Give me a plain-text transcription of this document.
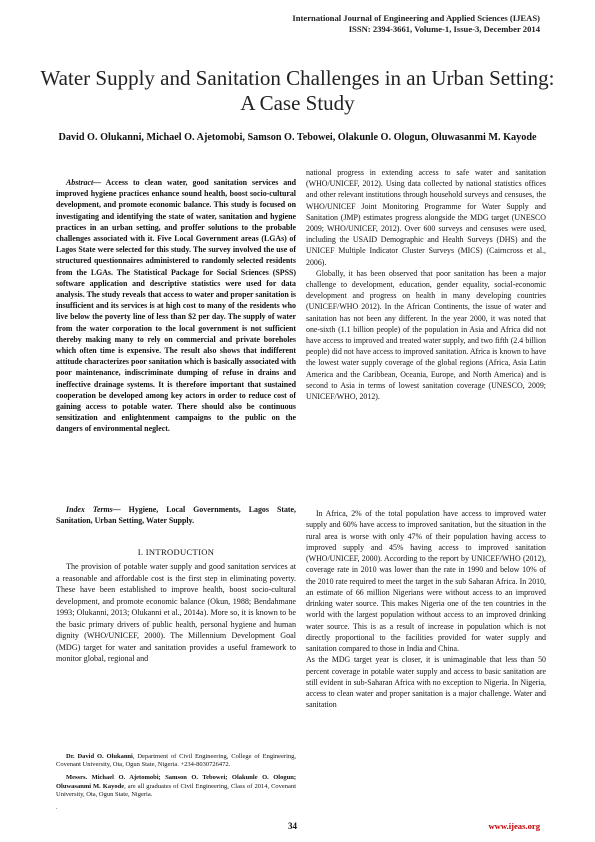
International Journal of Engineering and Applied Sciences (IJEAS)
ISSN: 2394-3661, Volume-1, Issue-3, December 2014
Water Supply and Sanitation Challenges in an Urban Setting: A Case Study
David O. Olukanni, Michael O. Ajetomobi, Samson O. Tebowei, Olakunle O. Ologun, Oluwasanmi M. Kayode

Abstract— Access to clean water, good sanitation services and improved hygiene practices enhance sound health, boost socio-cultural development, and promote economic balance. This study is focused on investigating and identifying the state of water, sanitation and hygiene practices in an urban setting, and proffer solutions to the probable challenges associated with it. Five Local Government areas (LGAs) of Lagos State were selected for this study. The survey involved the use of structured questionnaires administered to randomly selected residents from the LGAs. The Statistical Package for Social Sciences (SPSS) software application and descriptive statistics were used for data analysis. The study reveals that access to water and proper sanitation is insufficient and its services is at high cost to many of the residents who live below the poverty line of less than $2 per day. The supply of water from the water corporation to the local government is not sufficient thereby making many to rely on commercial and private boreholes which often time is expensive. The result also shows that indifferent attitude characterizes poor sanitation which is basically associated with poor maintenance, indiscriminate dumping of refuse in drains and ineffective drainage systems. It is therefore important that sustained cooperation be developed among key actors in order to reduce cost of gaining access to potable water. There should also be continuous sensitization and enlightenment campaigns to the public on the dangers of environmental neglect.

Index Terms— Hygiene, Local Governments, Lagos State, Sanitation, Urban Setting, Water Supply.

I. INTRODUCTION

The provision of potable water supply and good sanitation services at a reasonable and affordable cost is the first step in eliminating poverty. These have been established to improve health, boost socio-cultural development, and promote economic balance (Okun, 1988; Bendahmane 1993; Olukanni, 2013; Olukanni et al., 2014a). More so, it is known to be the basic primary drivers of public health, personal hygiene and human dignity (WHO/UNICEF, 2000). The Millennium Development Goal (MDG) target for water and sanitation provides a useful framework to monitor global, regional and

Dr. David O. Olukanni, Department of Civil Engineering, College of Engineering, Covenant University, Ota, Ogun State, Nigeria. +234-8030726472.

Messrs. Michael O. Ajetomobi; Samson O. Tebowei; Olakunle O. Ologun; Oluwasanmi M. Kayode, are all graduates of Civil Engineering, Class of 2014, Covenant University, Ota, Ogun State, Nigeria.

.

national progress in extending access to safe water and sanitation (WHO/UNICEF, 2012). Using data collected by national statistics offices and other relevant institutions through household surveys and censuses, the WHO/UNICEF Joint Monitoring Programme for Water Supply and Sanitation (JMP) estimates progress alongside the MDG target (UNESCO 2009; WHO/UNICEF, 2012). Over 600 surveys and censuses were used, including the USAID Demographic and Health Surveys (DHS) and the UNICEF Multiple Indicator Cluster Surveys (MICS) (Cairncross et al., 2006).

Globally, it has been observed that poor sanitation has been a major challenge to development, education, gender equality, social-economic development and progress on health in many developing countries (UNICEF/WHO 2012). In the African Continents, the issue of water and sanitation has not been any different. In the year 2000, it was noted that one-sixth (1.1 billion people) of the population in Asia and Africa did not have access to improved and treated water supply, and two fifth (2.4 billion people) did not have access to improved sanitation. Africa is known to have the lowest water supply coverage of the global regions (Africa, Asia Latin America and the Caribbean, Oceania, Europe, and North America) and is second to Asia in terms of lowest sanitation coverage (UNESCO, 2009; UNICEF/WHO, 2012).

In Africa, 2% of the total population have access to improved water supply and 60% have access to improved sanitation, but the situation in the rural area is worse with only 47% of their population having access to improved supply and 45% having access to improved sanitation (WHO/UNICEF, 2000). According to the report by UNICEF/WHO (2012), coverage rate in 2010 was lower than the rate in 1990 and below 10% of the 2010 rate required to meet the target in the sub Saharan Africa. In 2010, an estimate of 66 million Nigerians were without access to an improved drinking water source. This makes Nigeria one of the ten countries in the world with the largest population without access to an improved drinking water source. This is as a result of increase in population which is not directly proportional to the facilities provided for water supply and sanitation compared to those in India and China.

As the MDG target year is closer, it is unimaginable that less than 50 percent coverage in potable water supply and access to basic sanitation are still evident in sub-Saharan Africa with no exception to Nigeria. In Nigeria, access to clean water and proper sanitation is a major challenge. Water and sanitation

34	www.ijeas.org
